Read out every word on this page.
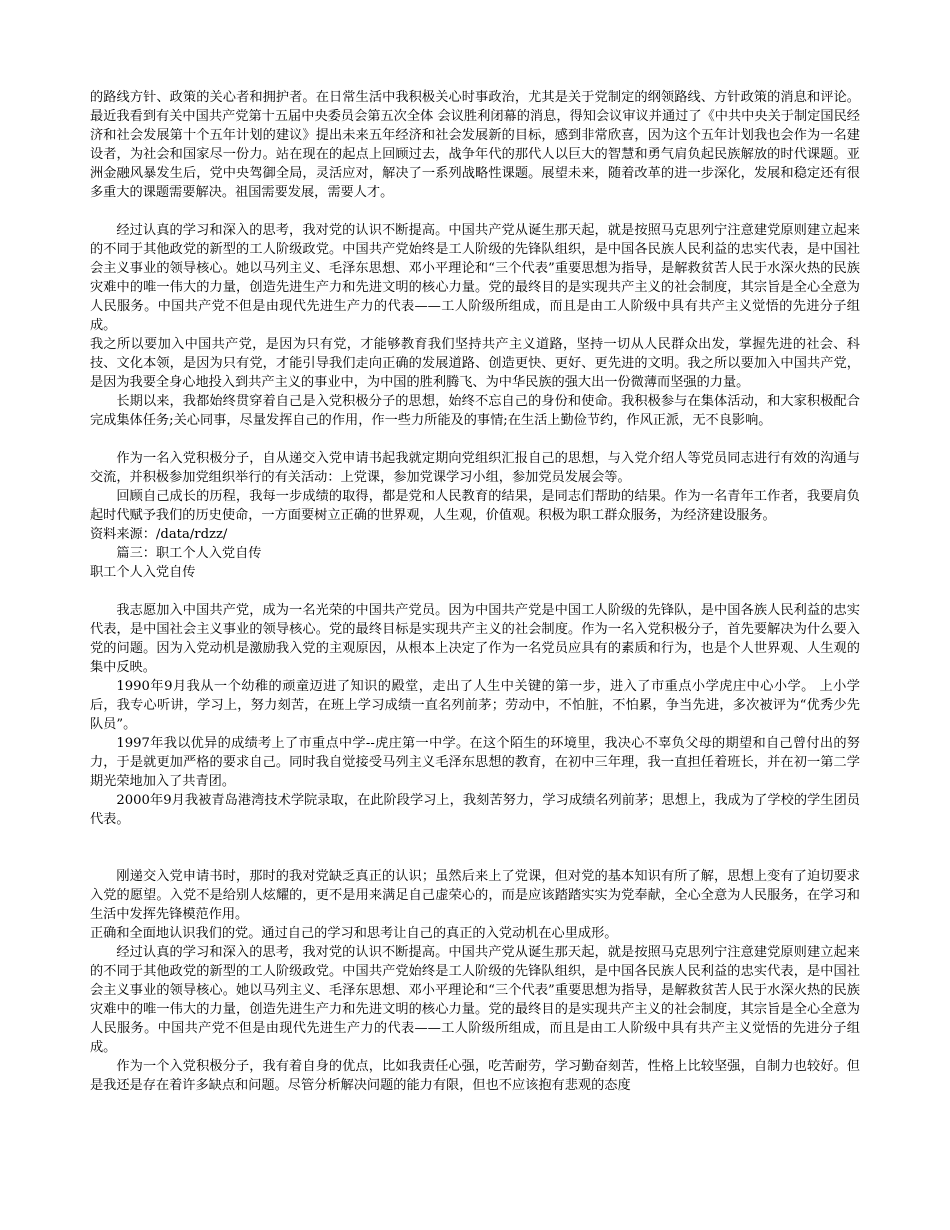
的路线方针、政策的关心者和拥护者。在日常生活中我积极关心时事政治，尤其是关于党制定的纲领路线、方针政策的消息和评论。最近我看到有关中国共产党第十五届中央委员会第五次全体 会议胜利闭幕的消息，得知会议审议并通过了《中共中央关于制定国民经济和社会发展第十个五年计划的建议》提出未来五年经济和社会发展新的目标，感到非常欣喜，因为这个五年计划我也会作为一名建设者，为社会和国家尽一份力。站在现在的起点上回顾过去，战争年代的那代人以巨大的智慧和勇气肩负起民族解放的时代课题。亚洲金融风暴发生后，党中央驾御全局，灵活应对，解决了一系列战略性课题。展望未来，随着改革的进一步深化，发展和稳定还有很多重大的课题需要解决。祖国需要发展，需要人才。

经过认真的学习和深入的思考，我对党的认识不断提高。中国共产党从诞生那天起，就是按照马克思列宁注意建党原则建立起来的不同于其他政党的新型的工人阶级政党。中国共产党始终是工人阶级的先锋队组织，是中国各民族人民利益的忠实代表，是中国社会主义事业的领导核心。她以马列主义、毛泽东思想、邓小平理论和“三个代表”重要思想为指导，是解救贫苦人民于水深火热的民族灾难中的唯一伟大的力量，创造先进生产力和先进文明的核心力量。党的最终目的是实现共产主义的社会制度，其宗旨是全心全意为人民服务。中国共产党不但是由现代先进生产力的代表——工人阶级所组成，而且是由工人阶级中具有共产主义觉悟的先进分子组成。

我之所以要加入中国共产党，是因为只有党，才能够教育我们坚持共产主义道路，坚持一切从人民群众出发，掌握先进的社会、科技、文化本领，是因为只有党，才能引导我们走向正确的发展道路、创造更快、更好、更先进的文明。我之所以要加入中国共产党，是因为我要全身心地投入到共产主义的事业中，为中国的胜利腾飞、为中华民族的强大出一份微薄而坚强的力量。

长期以来，我都始终贯穿着自己是入党积极分子的思想，始终不忘自己的身份和使命。我积极参与在集体活动，和大家积极配合完成集体任务;关心同事，尽量发挥自己的作用，作一些力所能及的事情;在生活上勤俭节约，作风正派，无不良影响。

作为一名入党积极分子，自从递交入党申请书起我就定期向党组织汇报自己的思想，与入党介绍人等党员同志进行有效的沟通与交流，并积极参加党组织举行的有关活动：上党课，参加党课学习小组，参加党员发展会等。

回顾自己成长的历程，我每一步成绩的取得，都是党和人民教育的结果，是同志们帮助的结果。作为一名青年工作者，我要肩负起时代赋予我们的历史使命，一方面要树立正确的世界观，人生观，价值观。积极为职工群众服务，为经济建设服务。

资料来源：/data/rdzz/

篇三：职工个人入党自传

职工个人入党自传

我志愿加入中国共产党，成为一名光荣的中国共产党员。因为中国共产党是中国工人阶级的先锋队，是中国各族人民利益的忠实代表，是中国社会主义事业的领导核心。党的最终目标是实现共产主义的社会制度。作为一名入党积极分子，首先要解决为什么要入党的问题。因为入党动机是激励我入党的主观原因，从根本上决定了作为一名党员应具有的素质和行为，也是个人世界观、人生观的集中反映。

1990年9月我从一个幼稚的顽童迈进了知识的殿堂，走出了人生中关键的第一步，进入了市重点小学虎庄中心小学。 上小学后，我专心听讲，学习上，努力刻苦，在班上学习成绩一直名列前茅；劳动中，不怕脏，不怕累，争当先进，多次被评为“优秀少先队员”。

1997年我以优异的成绩考上了市重点中学--虎庄第一中学。在这个陌生的环境里，我决心不辜负父母的期望和自己曾付出的努力，于是就更加严格的要求自己。同时我自觉接受马列主义毛泽东思想的教育，在初中三年理，我一直担任着班长，并在初一第二学期光荣地加入了共青团。

2000年9月我被青岛港湾技术学院录取，在此阶段学习上，我刻苦努力，学习成绩名列前茅；思想上，我成为了学校的学生团员代表。

刚递交入党申请书时，那时的我对党缺乏真正的认识；虽然后来上了党课，但对党的基本知识有所了解，思想上变有了迫切要求入党的愿望。入党不是给别人炫耀的，更不是用来满足自己虚荣心的，而是应该踏踏实实为党奉献，全心全意为人民服务，在学习和生活中发挥先锋模范作用。

正确和全面地认识我们的党。通过自己的学习和思考让自己的真正的入党动机在心里成形。

经过认真的学习和深入的思考，我对党的认识不断提高。中国共产党从诞生那天起，就是按照马克思列宁注意建党原则建立起来的不同于其他政党的新型的工人阶级政党。中国共产党始终是工人阶级的先锋队组织，是中国各民族人民利益的忠实代表，是中国社会主义事业的领导核心。她以马列主义、毛泽东思想、邓小平理论和“三个代表”重要思想为指导，是解救贫苦人民于水深火热的民族灾难中的唯一伟大的力量，创造先进生产力和先进文明的核心力量。党的最终目的是实现共产主义的社会制度，其宗旨是全心全意为人民服务。中国共产党不但是由现代先进生产力的代表——工人阶级所组成，而且是由工人阶级中具有共产主义觉悟的先进分子组成。

作为一个入党积极分子，我有着自身的优点，比如我责任心强，吃苦耐劳，学习勤奋刻苦，性格上比较坚强，自制力也较好。但是我还是存在着许多缺点和问题。尽管分析解决问题的能力有限，但也不应该抱有悲观的态度
